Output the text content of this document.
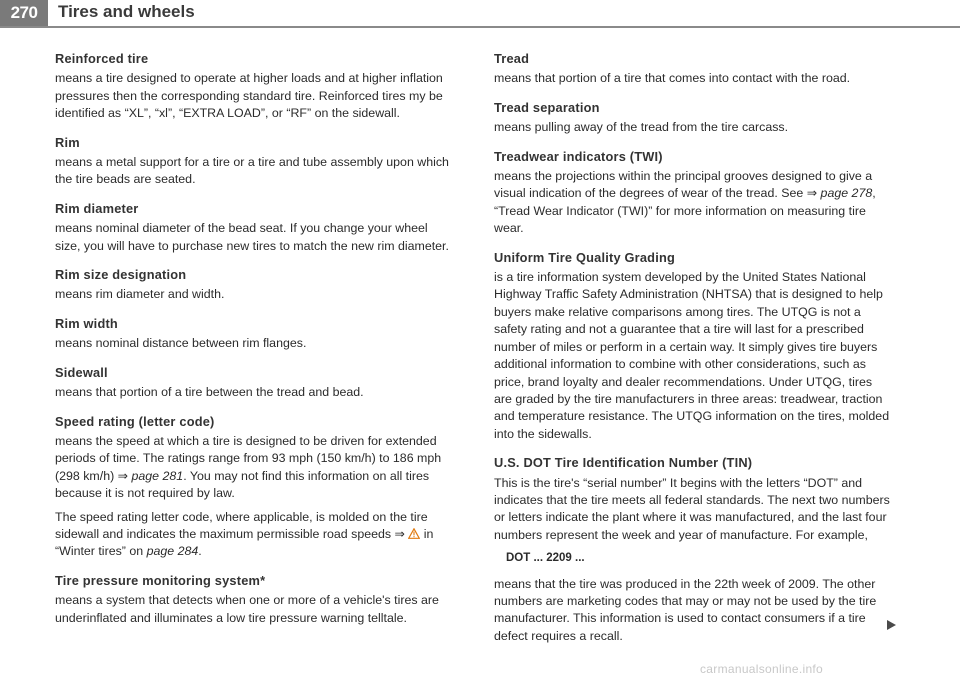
270	Tires and wheels
Reinforced tire

means a tire designed to operate at higher loads and at higher inflation pressures then the corresponding standard tire. Reinforced tires my be identified as “XL”, “xl”, “EXTRA LOAD”, or “RF” on the sidewall.

Rim

means a metal support for a tire or a tire and tube assembly upon which the tire beads are seated.

Rim diameter

means nominal diameter of the bead seat. If you change your wheel size, you will have to purchase new tires to match the new rim diameter.

Rim size designation

means rim diameter and width.

Rim width

means nominal distance between rim flanges.

Sidewall

means that portion of a tire between the tread and bead.

Speed rating (letter code)

means the speed at which a tire is designed to be driven for extended periods of time. The ratings range from 93 mph (150 km/h) to 186 mph (298 km/h) ⇒ page 281. You may not find this information on all tires because it is not required by law.

The speed rating letter code, where applicable, is molded on the tire sidewall and indicates the maximum permissible road speeds ⇒  in “Winter tires” on page 284.

Tire pressure monitoring system*

means a system that detects when one or more of a vehicle's tires are underinflated and illuminates a low tire pressure warning telltale.

Tread

means that portion of a tire that comes into contact with the road.

Tread separation

means pulling away of the tread from the tire carcass.

Treadwear indicators (TWI)

means the projections within the principal grooves designed to give a visual indication of the degrees of wear of the tread. See ⇒ page 278, “Tread Wear Indicator (TWI)” for more information on measuring tire wear.

Uniform Tire Quality Grading

is a tire information system developed by the United States National Highway Traffic Safety Administration (NHTSA) that is designed to help buyers make relative comparisons among tires. The UTQG is not a safety rating and not a guarantee that a tire will last for a prescribed number of miles or perform in a certain way. It simply gives tire buyers additional information to combine with other considerations, such as price, brand loyalty and dealer recommendations. Under UTQG, tires are graded by the tire manufacturers in three areas: treadwear, traction and temperature resistance. The UTQG information on the tires, molded into the sidewalls.

U.S. DOT Tire Identification Number (TIN)

This is the tire's “serial number” It begins with the letters “DOT” and indicates that the tire meets all federal standards. The next two numbers or letters indicate the plant where it was manufactured, and the last four numbers represent the week and year of manufacture. For example,

DOT ... 2209 ...

means that the tire was produced in the 22th week of 2009. The other numbers are marketing codes that may or may not be used by the tire manufacturer. This information is used to contact consumers if a tire defect requires a recall.

carmanualsonline.info
